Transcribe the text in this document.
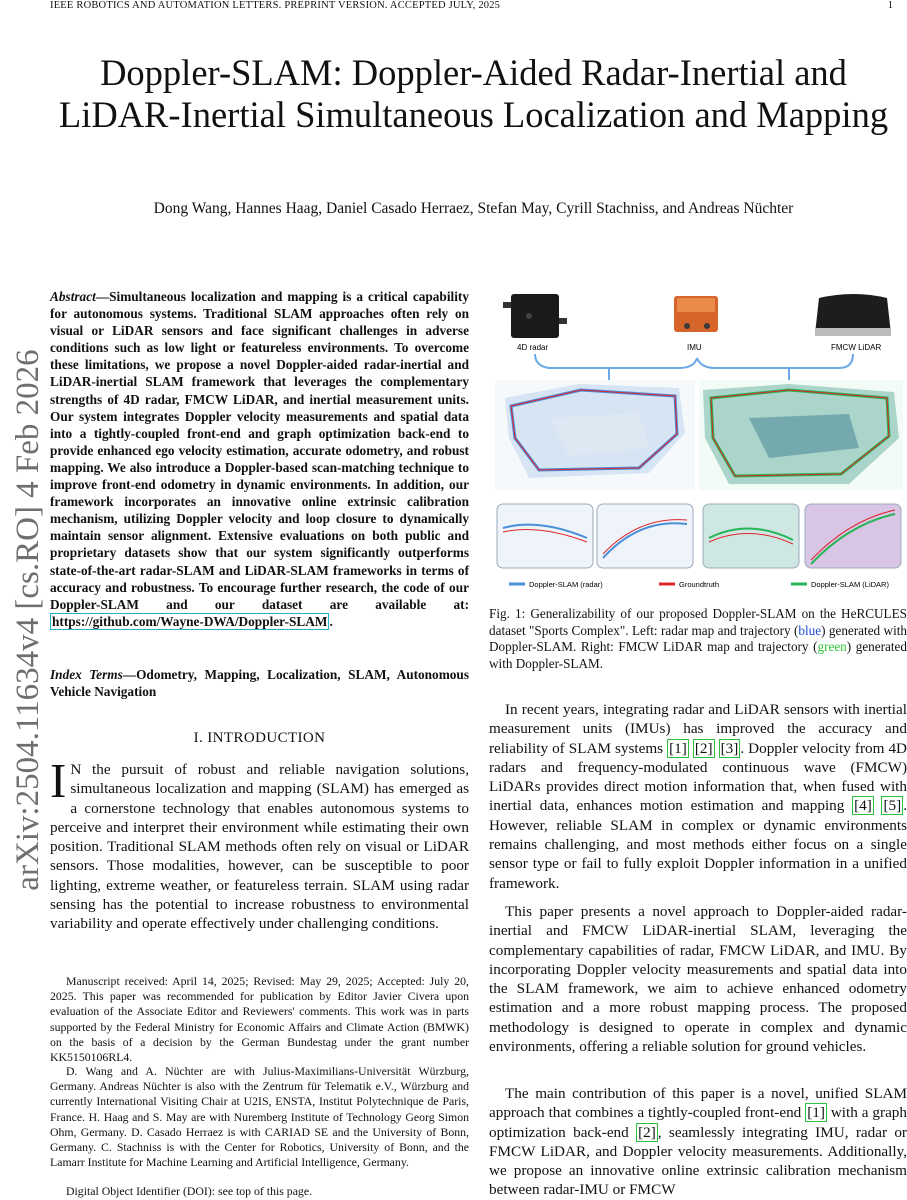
IEEE ROBOTICS AND AUTOMATION LETTERS. PREPRINT VERSION. ACCEPTED JULY, 2025	1
arXiv:2504.11634v4 [cs.RO] 4 Feb 2026
Doppler-SLAM: Doppler-Aided Radar-Inertial and LiDAR-Inertial Simultaneous Localization and Mapping
Dong Wang, Hannes Haag, Daniel Casado Herraez, Stefan May, Cyrill Stachniss, and Andreas Nüchter
Abstract—Simultaneous localization and mapping is a critical capability for autonomous systems. Traditional SLAM approaches often rely on visual or LiDAR sensors and face significant challenges in adverse conditions such as low light or featureless environments. To overcome these limitations, we propose a novel Doppler-aided radar-inertial and LiDAR-inertial SLAM framework that leverages the complementary strengths of 4D radar, FMCW LiDAR, and inertial measurement units. Our system integrates Doppler velocity measurements and spatial data into a tightly-coupled front-end and graph optimization back-end to provide enhanced ego velocity estimation, accurate odometry, and robust mapping. We also introduce a Doppler-based scan-matching technique to improve front-end odometry in dynamic environments. In addition, our framework incorporates an innovative online extrinsic calibration mechanism, utilizing Doppler velocity and loop closure to dynamically maintain sensor alignment. Extensive evaluations on both public and proprietary datasets show that our system significantly outperforms state-of-the-art radar-SLAM and LiDAR-SLAM frameworks in terms of accuracy and robustness. To encourage further research, the code of our Doppler-SLAM and our dataset are available at: https://github.com/Wayne-DWA/Doppler-SLAM .
Index Terms—Odometry, Mapping, Localization, SLAM, Autonomous Vehicle Navigation
I. INTRODUCTION
I N the pursuit of robust and reliable navigation solutions, simultaneous localization and mapping (SLAM) has emerged as a cornerstone technology that enables autonomous systems to perceive and interpret their environment while estimating their own position. Traditional SLAM methods often rely on visual or LiDAR sensors. Those modalities, however, can be susceptible to poor lighting, extreme weather, or featureless terrain. SLAM using radar sensing has the potential to increase robustness to environmental variability and operate effectively under challenging conditions.

Manuscript received: April 14, 2025; Revised: May 29, 2025; Accepted: July 20, 2025. This paper was recommended for publication by Editor Javier Civera upon evaluation of the Associate Editor and Reviewers' comments. This work was in parts supported by the Federal Ministry for Economic Affairs and Climate Action (BMWK) on the basis of a decision by the German Bundestag under the grant number KK5150106RL4.

D. Wang and A. Nüchter are with Julius-Maximilians-Universität Würzburg, Germany. Andreas Nüchter is also with the Zentrum für Telematik e.V., Würzburg and currently International Visiting Chair at U2IS, ENSTA, Institut Polytechnique de Paris, France. H. Haag and S. May are with Nuremberg Institute of Technology Georg Simon Ohm, Germany. D. Casado Herraez is with CARIAD SE and the University of Bonn, Germany. C. Stachniss is with the Center for Robotics, University of Bonn, and the Lamarr Institute for Machine Learning and Artificial Intelligence, Germany.

Digital Object Identifier (DOI): see top of this page.

4D radar	IMU	FMCW LiDAR
Doppler-SLAM (radar)	Groundtruth	Doppler-SLAM (LiDAR)
Fig. 1: Generalizability of our proposed Doppler-SLAM on the HeRCULES dataset "Sports Complex". Left: radar map and trajectory (blue) generated with Doppler-SLAM. Right: FMCW LiDAR map and trajectory (green) generated with Doppler-SLAM.

In recent years, integrating radar and LiDAR sensors with inertial measurement units (IMUs) has improved the accuracy and reliability of SLAM systems [1] [2] [3] . Doppler velocity from 4D radars and frequency-modulated continuous wave (FMCW) LiDARs provides direct motion information that, when fused with inertial data, enhances motion estimation and mapping [4] [5] . However, reliable SLAM in complex or dynamic environments remains challenging, and most methods either focus on a single sensor type or fail to fully exploit Doppler information in a unified framework.

This paper presents a novel approach to Doppler-aided radar-inertial and FMCW LiDAR-inertial SLAM, leveraging the complementary capabilities of radar, FMCW LiDAR, and IMU. By incorporating Doppler velocity measurements and spatial data into the SLAM framework, we aim to achieve enhanced odometry estimation and a more robust mapping process. The proposed methodology is designed to operate in complex and dynamic environments, offering a reliable solution for ground vehicles.

The main contribution of this paper is a novel, unified SLAM approach that combines a tightly-coupled front-end [1] with a graph optimization back-end [2] , seamlessly integrating IMU, radar or FMCW LiDAR, and Doppler velocity measurements. Additionally, we propose an innovative online extrinsic calibration mechanism between radar-IMU or FMCW
